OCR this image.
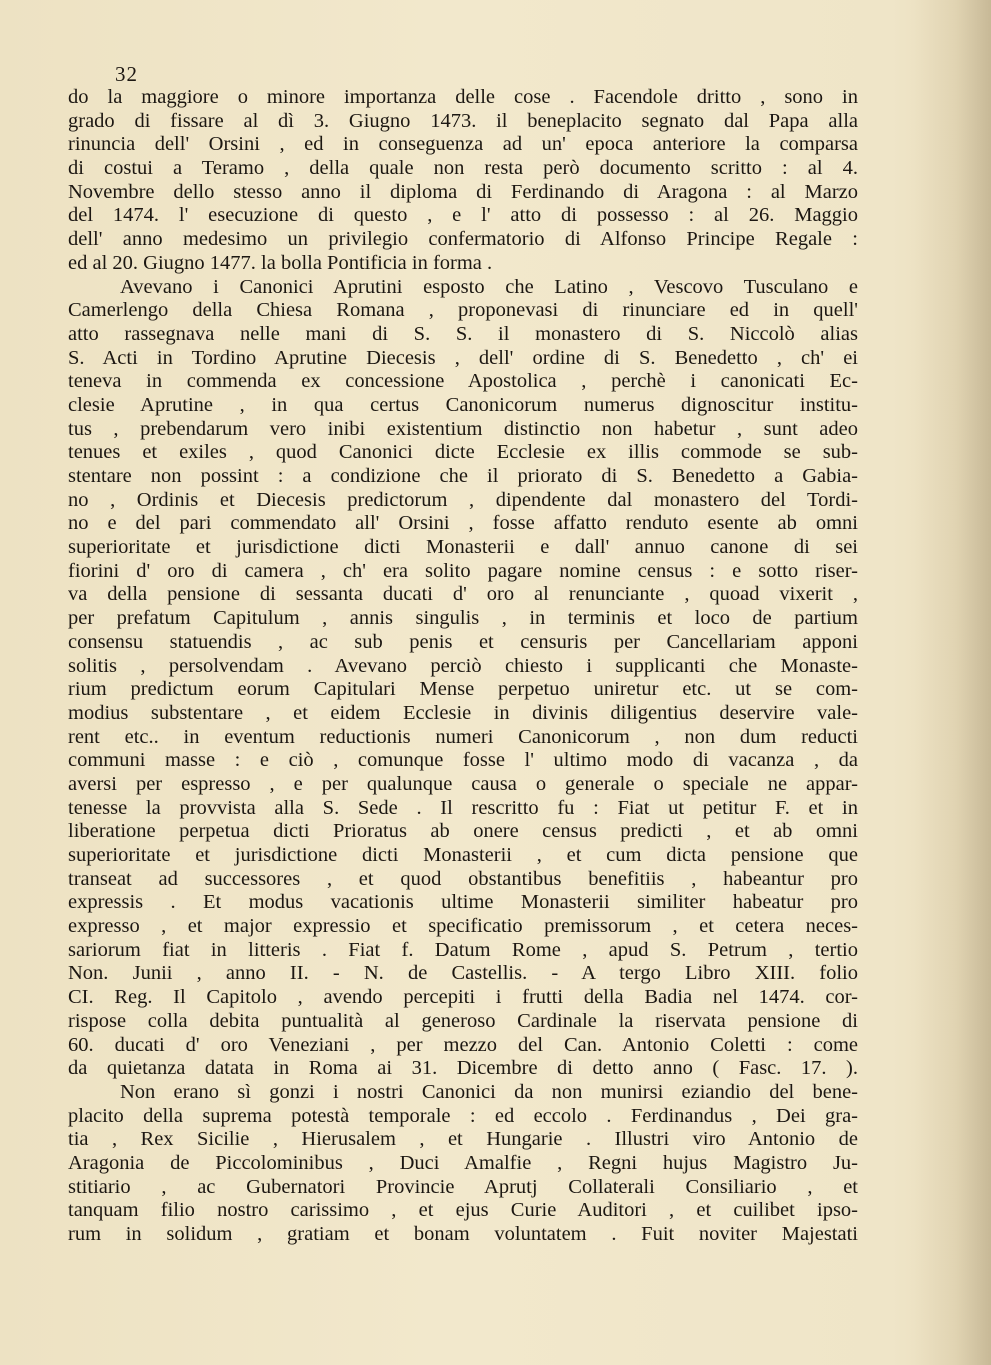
32
do la maggiore o minore importanza delle cose . Facendole dritto , sono in
grado di fissare al dì 3. Giugno 1473. il beneplacito segnato dal Papa alla
rinuncia dell' Orsini , ed in conseguenza ad un' epoca anteriore la comparsa
di costui a Teramo , della quale non resta però documento scritto : al 4.
Novembre dello stesso anno il diploma di Ferdinando di Aragona : al Marzo
del 1474. l' esecuzione di questo , e l' atto di possesso : al 26. Maggio
dell' anno medesimo un privilegio confermatorio di Alfonso Principe Regale :
ed al 20. Giugno 1477. la bolla Pontificia in forma .
Avevano i Canonici Aprutini esposto che Latino , Vescovo Tusculano e
Camerlengo della Chiesa Romana , proponevasi di rinunciare ed in quell'
atto rassegnava nelle mani di S. S. il monastero di S. Niccolò alias
S. Acti in Tordino Aprutine Diecesis , dell' ordine di S. Benedetto , ch' ei
teneva in commenda ex concessione Apostolica , perchè i canonicati Ec-
clesie Aprutine , in qua certus Canonicorum numerus dignoscitur institu-
tus , prebendarum vero inibi existentium distinctio non habetur , sunt adeo
tenues et exiles , quod Canonici dicte Ecclesie ex illis commode se sub-
stentare non possint : a condizione che il priorato di S. Benedetto a Gabia-
no , Ordinis et Diecesis predictorum , dipendente dal monastero del Tordi-
no e del pari commendato all' Orsini , fosse affatto renduto esente ab omni
superioritate et jurisdictione dicti Monasterii e dall' annuo canone di sei
fiorini d' oro di camera , ch' era solito pagare nomine census : e sotto riser-
va della pensione di sessanta ducati d' oro al renunciante , quoad vixerit ,
per prefatum Capitulum , annis singulis , in terminis et loco de partium
consensu statuendis , ac sub penis et censuris per Cancellariam apponi
solitis , persolvendam . Avevano perciò chiesto i supplicanti che Monaste-
rium predictum eorum Capitulari Mense perpetuo uniretur etc. ut se com-
modius substentare , et eidem Ecclesie in divinis diligentius deservire vale-
rent etc.. in eventum reductionis numeri Canonicorum , non dum reducti
communi masse : e ciò , comunque fosse l' ultimo modo di vacanza , da
aversi per espresso , e per qualunque causa o generale o speciale ne appar-
tenesse la provvista alla S. Sede . Il rescritto fu : Fiat ut petitur F. et in
liberatione perpetua dicti Prioratus ab onere census predicti , et ab omni
superioritate et jurisdictione dicti Monasterii , et cum dicta pensione que
transeat ad successores , et quod obstantibus benefitiis , habeantur pro
expressis . Et modus vacationis ultime Monasterii similiter habeatur pro
expresso , et major expressio et specificatio premissorum , et cetera neces-
sariorum fiat in litteris . Fiat f. Datum Rome , apud S. Petrum , tertio
Non. Junii , anno II. - N. de Castellis. - A tergo Libro XIII. folio
CI. Reg. Il Capitolo , avendo percepiti i frutti della Badia nel 1474. cor-
rispose colla debita puntualità al generoso Cardinale la riservata pensione di
60. ducati d' oro Veneziani , per mezzo del Can. Antonio Coletti : come
da quietanza datata in Roma ai 31. Dicembre di detto anno ( Fasc. 17. ).
Non erano sì gonzi i nostri Canonici da non munirsi eziandio del bene-
placito della suprema potestà temporale : ed eccolo . Ferdinandus , Dei gra-
tia , Rex Sicilie , Hierusalem , et Hungarie . Illustri viro Antonio de
Aragonia de Piccolominibus , Duci Amalfie , Regni hujus Magistro Ju-
stitiario , ac Gubernatori Provincie Aprutj Collaterali Consiliario , et
tanquam filio nostro carissimo , et ejus Curie Auditori , et cuilibet ipso-
rum in solidum , gratiam et bonam voluntatem . Fuit noviter Majestati
